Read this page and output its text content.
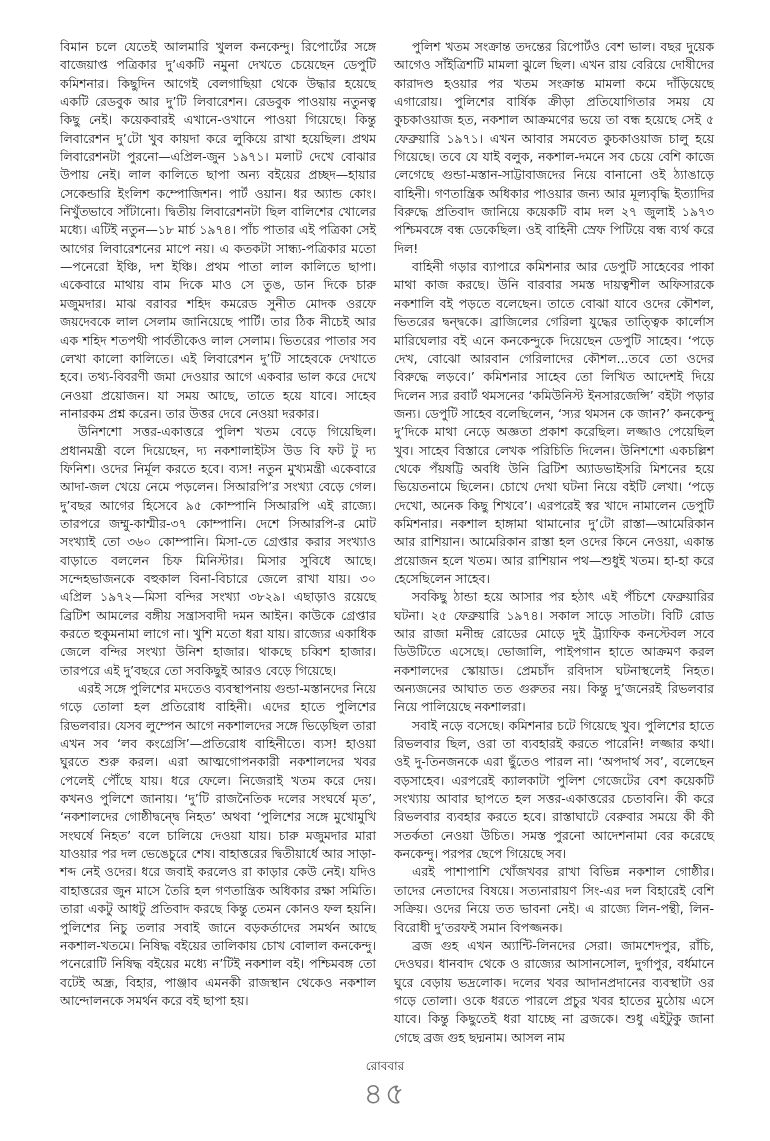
বিমান চলে যেতেই আলমারি খুলল কনকেন্দু। রিপোর্টের সঙ্গে বাজেয়াপ্ত পত্রিকার দু’একটি নমুনা দেখতে চেয়েছেন ডেপুটি কমিশনার। কিছুদিন আগেই বেলগাছিয়া থেকে উদ্ধার হয়েছে একটি রেডবুক আর দু’টি লিবারেশন। রেডবুক পাওয়ায় নতুনত্ব কিছু নেই। কয়েকবারই এখানে-ওখানে পাওয়া গিয়েছে। কিন্তু লিবারেশন দু’টো খুব কায়দা করে লুকিয়ে রাখা হয়েছিল। প্রথম লিবারেশনটা পুরনো—এপ্রিল-জুন ১৯৭১। মলাট দেখে বোঝার উপায় নেই। লাল কালিতে ছাপা অন্য বইয়ের প্রচ্ছদ—হায়ার সেকেন্ডারি ইংলিশ কম্পোজিশন। পার্ট ওয়ান। ধর অ্যান্ড কোং। নিখুঁতভাবে সাঁটানো। দ্বিতীয় লিবারেশনটা ছিল বালিশের খোলের মধ্যে। এটিই নতুন—১৮ মার্চ ১৯৭৪। পাঁচ পাতার এই পত্রিকা সেই আগের লিবারেশনের মাপে নয়। এ কতকটা সান্ধ্য-পত্রিকার মতো—পনেরো ইঞ্চি, দশ ইঞ্চি। প্রথম পাতা লাল কালিতে ছাপা। একেবারে মাথায় বাম দিকে মাও সে তুঙ, ডান দিকে চারু মজুমদার। মাঝ বরাবর শহিদ কমরেড সুনীত মোদক ওরফে জয়দেবকে লাল সেলাম জানিয়েছে পার্টি। তার ঠিক নীচেই আর এক শহিদ শতপথী পার্বতীকেও লাল সেলাম। ভিতরের পাতার সব লেখা কালো কালিতে। এই লিবারেশন দু’টি সাহেবকে দেখাতে হবে। তথ্য-বিবরণী জমা দেওয়ার আগে একবার ভাল করে দেখে নেওয়া প্রয়োজন। যা সময় আছে, তাতে হয়ে যাবে। সাহেব নানারকম প্রশ্ন করেন। তার উত্তর দেবে নেওয়া দরকার।

উনিশশো সত্তর-একাত্তরে পুলিশ খতম বেড়ে গিয়েছিল। প্রধানমন্ত্রী বলে দিয়েছেন, দ্য নকশালাইটস উড বি ফট টু দ্য ফিনিশ। ওদের নির্মূল করতে হবে। ব্যস! নতুন মুখ্যমন্ত্রী একেবারে আদা-জল খেয়ে নেমে পড়লেন। সিআরপি’র সংখ্যা বেড়ে গেল। দু’বছর আগের হিসেবে ৯৫ কোম্পানি সিআরপি এই রাজ্যে। তারপরে জম্মু-কাশ্মীর-৩৭ কোম্পানি। দেশে সিআরপি-র মোট সংখ্যাই তো ৩৬০ কোম্পানি। মিসা-তে গ্রেপ্তার করার সংখ্যাও বাড়াতে বললেন চিফ মিনিস্টার। মিসার সুবিধে আছে। সন্দেহভাজনকে বহুকাল বিনা-বিচারে জেলে রাখা যায়। ৩০ এপ্রিল ১৯৭২—মিসা বন্দির সংখ্যা ৩৮২৯। এছাড়াও রয়েছে ব্রিটিশ আমলের বঙ্গীয় সন্ত্রাসবাদী দমন আইন। কাউকে গ্রেপ্তার করতে হুকুমনামা লাগে না। খুশি মতো ধরা যায়। রাজ্যের একাধিক জেলে বন্দির সংখ্যা উনিশ হাজার। থাকছে চব্বিশ হাজার। তারপরে এই দু’বছরে তো সবকিছুই আরও বেড়ে গিয়েছে।

এরই সঙ্গে পুলিশের মদতেও ব্যবস্থাপনায় গুন্ডা-মস্তানদের নিয়ে গড়ে তোলা হল প্রতিরোধ বাহিনী। এদের হাতে পুলিশের রিভলবার। যেসব লুম্পেন আগে নকশালদের সঙ্গে ভিড়েছিল তারা এখন সব ‘লব কংগ্রেসি’—প্রতিরোধ বাহিনীতে। ব্যস! হাওয়া ঘুরতে শুরু করল। এরা আত্মগোপনকারী নকশালদের খবর পেলেই পৌঁছে যায়। ধরে ফেলে। নিজেরাই খতম করে দেয়। কখনও পুলিশে জানায়। ‘দু’টি রাজনৈতিক দলের সংঘর্ষে মৃত’, ‘নকশালদের গোষ্ঠীদ্বন্দ্বে নিহত’ অথবা ‘পুলিশের সঙ্গে মুখোমুখি সংঘর্ষে নিহত’ বলে চালিয়ে দেওয়া যায়। চারু মজুমদার মারা যাওয়ার পর দল ভেঙেচুরে শেষ। বাহাত্তরের দ্বিতীয়ার্ধে আর সাড়া-শব্দ নেই ওদের। ধরে জবাই করলেও রা কাড়ার কেউ নেই। যদিও বাহাত্তরের জুন মাসে তৈরি হল গণতান্ত্রিক অধিকার রক্ষা সমিতি। তারা একটু আধটু প্রতিবাদ করছে কিন্তু তেমন কোনও ফল হয়নি। পুলিশের নিচু তলার সবাই জানে বড়কর্তাদের সমর্থন আছে নকশাল-খতমে। নিষিদ্ধ বইয়ের তালিকায় চোখ বোলাল কনকেন্দু। পনেরোটি নিষিদ্ধ বইয়ের মধ্যে ন’টিই নকশাল বই। পশ্চিমবঙ্গ তো বটেই অন্ধ্র, বিহার, পাঞ্জাব এমনকী রাজস্থান থেকেও নকশাল আন্দোলনকে সমর্থন করে বই ছাপা হয়।

পুলিশ খতম সংক্রান্ত তদন্তের রিপোর্টও বেশ ভাল। বছর দুয়েক আগেও সাঁইত্রিশটি মামলা ঝুলে ছিল। এখন রায় বেরিয়ে দোষীদের কারাদণ্ড হওয়ার পর খতম সংক্রান্ত মামলা কমে দাঁড়িয়েছে এগারোয়। পুলিশের বার্ষিক ক্রীড়া প্রতিযোগিতার সময় যে কুচকাওয়াজ হত, নকশাল আক্রমণের ভয়ে তা বন্ধ হয়েছে সেই ৫ ফেব্রুয়ারি ১৯৭১। এখন আবার সমবেত কুচকাওয়াজ চালু হয়ে গিয়েছে। তবে যে যাই বলুক, নকশাল-দমনে সব চেয়ে বেশি কাজে লেগেছে গুন্ডা-মস্তান-সাট্টাবাজদের নিয়ে বানানো ওই ঠ্যাঙাড়ে বাহিনী। গণতান্ত্রিক অধিকার পাওয়ার জন্য আর মূল্যবৃদ্ধি ইত্যাদির বিরুদ্ধে প্রতিবাদ জানিয়ে কয়েকটি বাম দল ২৭ জুলাই ১৯৭৩ পশ্চিমবঙ্গে বন্ধ ডেকেছিল। ওই বাহিনী স্রেফ পিটিয়ে বন্ধ ব্যর্থ করে দিল!

বাহিনী গড়ার ব্যাপারে কমিশনার আর ডেপুটি সাহেবের পাকা মাথা কাজ করছে। উনি বারবার সমস্ত দায়ত্বশীল অফিসারকে নকশালি বই পড়তে বলেছেন। তাতে বোঝা যাবে ওদের কৌশল, ভিতরের দ্বন্দ্বকে। ব্রাজিলের গেরিলা যুদ্ধের তাত্ত্বিক কার্লোস মারিঘেলার বই এনে কনকেন্দুকে দিয়েছেন ডেপুটি সাহেব। ‘পড়ে দেখ, বোঝো আরবান গেরিলাদের কৌশল...তবে তো ওদের বিরুদ্ধে লড়বে।’ কমিশনার সাহেব তো লিখিত আদেশই দিয়ে দিলেন স্যর রবার্ট থমসনের ‘কমিউনিস্ট ইনসারজেন্সি’ বইটা পড়ার জন্য। ডেপুটি সাহেব বলেছিলেন, ‘স্যর থমসন কে জান?’ কনকেন্দু দু’দিকে মাথা নেড়ে অজ্ঞতা প্রকাশ করেছিল। লজ্জাও পেয়েছিল খুব। সাহেব বিস্তারে লেখক পরিচিতি দিলেন। উনিশশো একচল্লিশ থেকে পঁয়ষট্টি অবধি উনি ব্রিটিশ অ্যাডভাইসরি মিশনের হয়ে ভিয়েতনামে ছিলেন। চোখে দেখা ঘটনা নিয়ে বইটি লেখা। ‘পড়ে দেখো, অনেক কিছু শিখবে’। এরপরেই স্বর খাদে নামালেন ডেপুটি কমিশনার। নকশাল হাঙ্গামা থামানোর দু’টো রাস্তা—আমেরিকান আর রাশিয়ান। আমেরিকান রাস্তা হল ওদের কিনে নেওয়া, একান্ত প্রয়োজন হলে খতম। আর রাশিয়ান পথ—শুধুই খতম। হা-হা করে হেসেছিলেন সাহেব।

সবকিছু ঠান্ডা হয়ে আসার পর হঠাৎ এই পঁচিশে ফেব্রুয়ারির ঘটনা। ২৫ ফেব্রুয়ারি ১৯৭৪। সকাল সাড়ে সাতটা। বিটি রোড আর রাজা মনীন্দ্র রোডের মোড়ে দুই ট্র্যাফিক কনস্টেবল সবে ডিউটিতে এসেছে। ভোজালি, পাইপগান হাতে আক্রমণ করল নকশালদের স্কোয়াড। প্রেমচাঁদ রবিদাস ঘটনাস্থলেই নিহত। অন্যজনের আঘাত তত গুরুতর নয়। কিন্তু দু’জনেরই রিভলবার নিয়ে পালিয়েছে নকশালরা।

সবাই নড়ে বসেছে। কমিশনার চটে গিয়েছে খুব। পুলিশের হাতে রিভলবার ছিল, ওরা তা ব্যবহারই করতে পারেনি! লজ্জার কথা। ওই দু-তিনজনকে এরা ছুঁতেও পারল না। ‘অপদার্থ সব’, বলেছেন বড়সাহেব। এরপরেই ক্যালকাটা পুলিশ গেজেটের বেশ কয়েকটি সংখ্যায় আবার ছাপতে হল সত্তর-একাত্তরের চেতাবনি। কী করে রিভলবার ব্যবহার করতে হবে। রাস্তাঘাটে বেরুবার সময়ে কী কী সতর্কতা নেওয়া উচিত। সমস্ত পুরনো আদেশনামা বের করেছে কনকেন্দু। পরপর ছেপে গিয়েছে সব।

এরই পাশাপাশি খোঁজখবর রাখা বিভিন্ন নকশাল গোষ্ঠীর। তাদের নেতাদের বিষয়ে। সত্যনারায়ণ সিং-এর দল বিহারেই বেশি সক্রিয়। ওদের নিয়ে তত ভাবনা নেই। এ রাজ্যে লিন-পন্থী, লিন-বিরোধী দু’তরফই সমান বিপজ্জনক।

ব্রজ গুহ এখন অ্যান্টি-লিনদের সেরা। জামশেদপুর, রাঁচি, দেওঘর। ধানবাদ থেকে ও রাজ্যের আসানসোল, দুর্গাপুর, বর্ধমানে ঘুরে বেড়ায় ভদ্রলোক। দলের খবর আদানপ্রদানের ব্যবস্থাটা ওর গড়ে তোলা। ওকে ধরতে পারলে প্রচুর খবর হাতের মুঠোয় এসে যাবে। কিন্তু কিছুতেই ধরা যাচ্ছে না ব্রজকে। শুধু এইটুকু জানা গেছে ব্রজ গুহ ছদ্মনাম। আসল নাম

রোববার
৪৫
